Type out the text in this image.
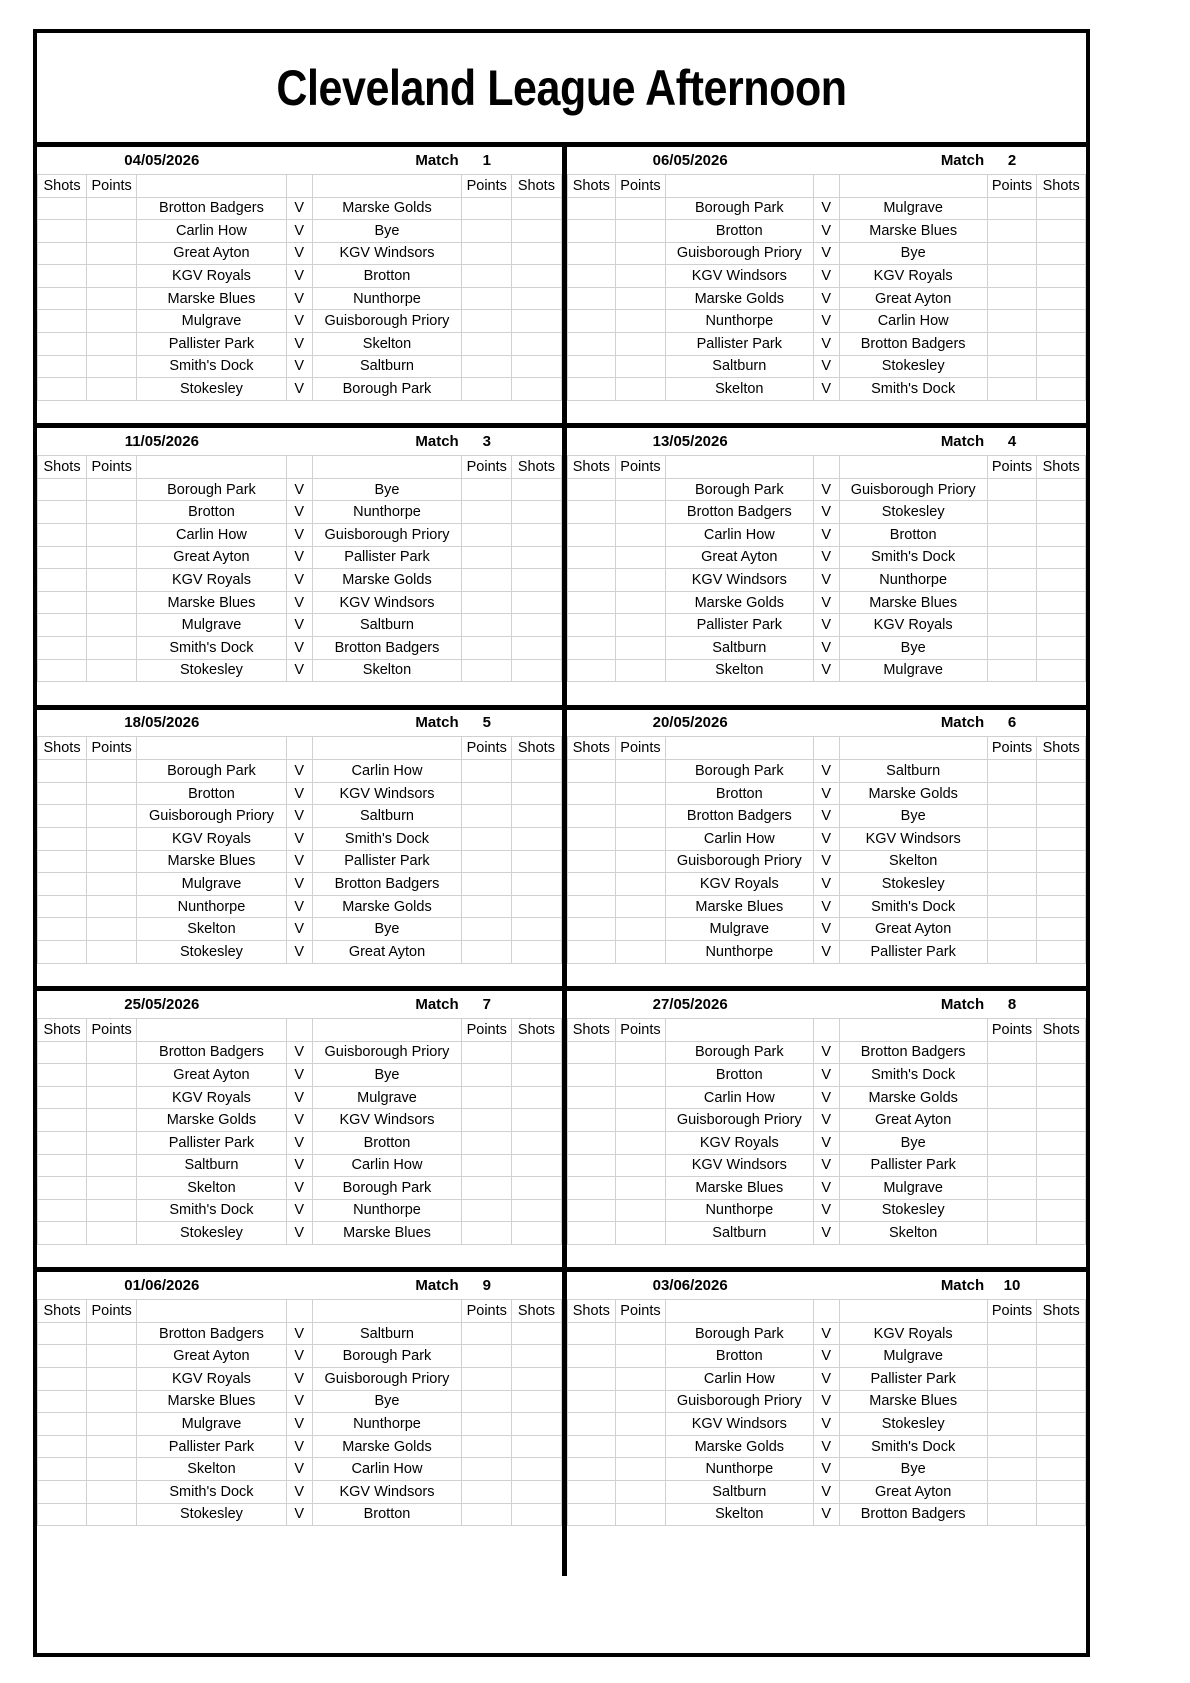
Cleveland League Afternoon
04/05/2026				Match	1	
Shots	Points				Points	Shots
		Brotton Badgers	V	Marske Golds		
		Carlin How	V	Bye		
		Great Ayton	V	KGV Windsors		
		KGV Royals	V	Brotton		
		Marske Blues	V	Nunthorpe		
		Mulgrave	V	Guisborough Priory		
		Pallister Park	V	Skelton		
		Smith's Dock	V	Saltburn		
		Stokesley	V	Borough Park		

06/05/2026				Match	2	
Shots	Points				Points	Shots
		Borough Park	V	Mulgrave		
		Brotton	V	Marske Blues		
		Guisborough Priory	V	Bye		
		KGV Windsors	V	KGV Royals		
		Marske Golds	V	Great Ayton		
		Nunthorpe	V	Carlin How		
		Pallister Park	V	Brotton Badgers		
		Saltburn	V	Stokesley		
		Skelton	V	Smith's Dock		

11/05/2026				Match	3	
Shots	Points				Points	Shots
		Borough Park	V	Bye		
		Brotton	V	Nunthorpe		
		Carlin How	V	Guisborough Priory		
		Great Ayton	V	Pallister Park		
		KGV Royals	V	Marske Golds		
		Marske Blues	V	KGV Windsors		
		Mulgrave	V	Saltburn		
		Smith's Dock	V	Brotton Badgers		
		Stokesley	V	Skelton		

13/05/2026				Match	4	
Shots	Points				Points	Shots
		Borough Park	V	Guisborough Priory		
		Brotton Badgers	V	Stokesley		
		Carlin How	V	Brotton		
		Great Ayton	V	Smith's Dock		
		KGV Windsors	V	Nunthorpe		
		Marske Golds	V	Marske Blues		
		Pallister Park	V	KGV Royals		
		Saltburn	V	Bye		
		Skelton	V	Mulgrave		

18/05/2026				Match	5	
Shots	Points				Points	Shots
		Borough Park	V	Carlin How		
		Brotton	V	KGV Windsors		
		Guisborough Priory	V	Saltburn		
		KGV Royals	V	Smith's Dock		
		Marske Blues	V	Pallister Park		
		Mulgrave	V	Brotton Badgers		
		Nunthorpe	V	Marske Golds		
		Skelton	V	Bye		
		Stokesley	V	Great Ayton		

20/05/2026				Match	6	
Shots	Points				Points	Shots
		Borough Park	V	Saltburn		
		Brotton	V	Marske Golds		
		Brotton Badgers	V	Bye		
		Carlin How	V	KGV Windsors		
		Guisborough Priory	V	Skelton		
		KGV Royals	V	Stokesley		
		Marske Blues	V	Smith's Dock		
		Mulgrave	V	Great Ayton		
		Nunthorpe	V	Pallister Park		

25/05/2026				Match	7	
Shots	Points				Points	Shots
		Brotton Badgers	V	Guisborough Priory		
		Great Ayton	V	Bye		
		KGV Royals	V	Mulgrave		
		Marske Golds	V	KGV Windsors		
		Pallister Park	V	Brotton		
		Saltburn	V	Carlin How		
		Skelton	V	Borough Park		
		Smith's Dock	V	Nunthorpe		
		Stokesley	V	Marske Blues		

27/05/2026				Match	8	
Shots	Points				Points	Shots
		Borough Park	V	Brotton Badgers		
		Brotton	V	Smith's Dock		
		Carlin How	V	Marske Golds		
		Guisborough Priory	V	Great Ayton		
		KGV Royals	V	Bye		
		KGV Windsors	V	Pallister Park		
		Marske Blues	V	Mulgrave		
		Nunthorpe	V	Stokesley		
		Saltburn	V	Skelton		

01/06/2026				Match	9	
Shots	Points				Points	Shots
		Brotton Badgers	V	Saltburn		
		Great Ayton	V	Borough Park		
		KGV Royals	V	Guisborough Priory		
		Marske Blues	V	Bye		
		Mulgrave	V	Nunthorpe		
		Pallister Park	V	Marske Golds		
		Skelton	V	Carlin How		
		Smith's Dock	V	KGV Windsors		
		Stokesley	V	Brotton		

03/06/2026				Match	10	
Shots	Points				Points	Shots
		Borough Park	V	KGV Royals		
		Brotton	V	Mulgrave		
		Carlin How	V	Pallister Park		
		Guisborough Priory	V	Marske Blues		
		KGV Windsors	V	Stokesley		
		Marske Golds	V	Smith's Dock		
		Nunthorpe	V	Bye		
		Saltburn	V	Great Ayton		
		Skelton	V	Brotton Badgers		
